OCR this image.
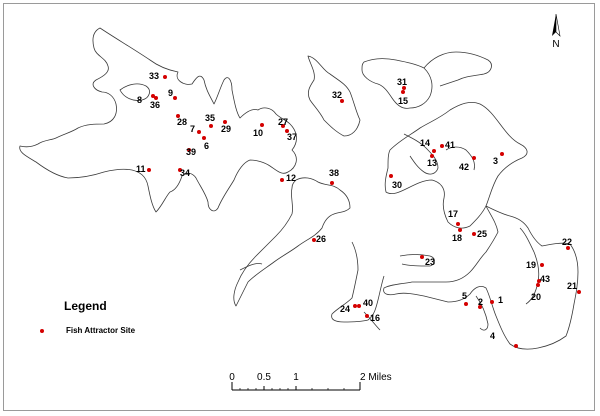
N
0 0.5 1	2 Miles
1
2
3
4
5
6
7
8
9
10
11
12
13
14
15
16
17
18
19
20
21
22
23
24
25
26
27
28
29
30
31
32
33
34
35
36
37
38
39
40
41
42
43
Legend
Fish Attractor Site
